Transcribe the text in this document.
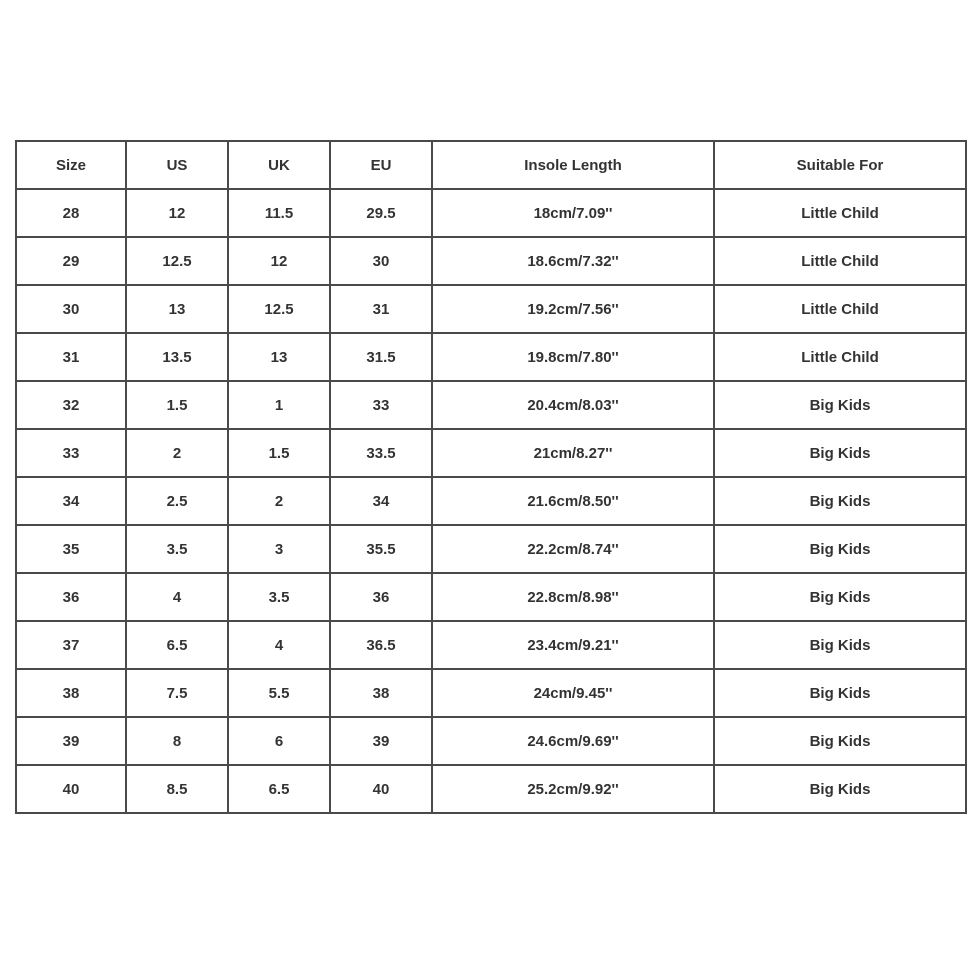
Size	US	UK	EU	Insole Length	Suitable For
28	12	11.5	29.5	18cm/7.09''	Little Child
29	12.5	12	30	18.6cm/7.32''	Little Child
30	13	12.5	31	19.2cm/7.56''	Little Child
31	13.5	13	31.5	19.8cm/7.80''	Little Child
32	1.5	1	33	20.4cm/8.03''	Big Kids
33	2	1.5	33.5	21cm/8.27''	Big Kids
34	2.5	2	34	21.6cm/8.50''	Big Kids
35	3.5	3	35.5	22.2cm/8.74''	Big Kids
36	4	3.5	36	22.8cm/8.98''	Big Kids
37	6.5	4	36.5	23.4cm/9.21''	Big Kids
38	7.5	5.5	38	24cm/9.45''	Big Kids
39	8	6	39	24.6cm/9.69''	Big Kids
40	8.5	6.5	40	25.2cm/9.92''	Big Kids
